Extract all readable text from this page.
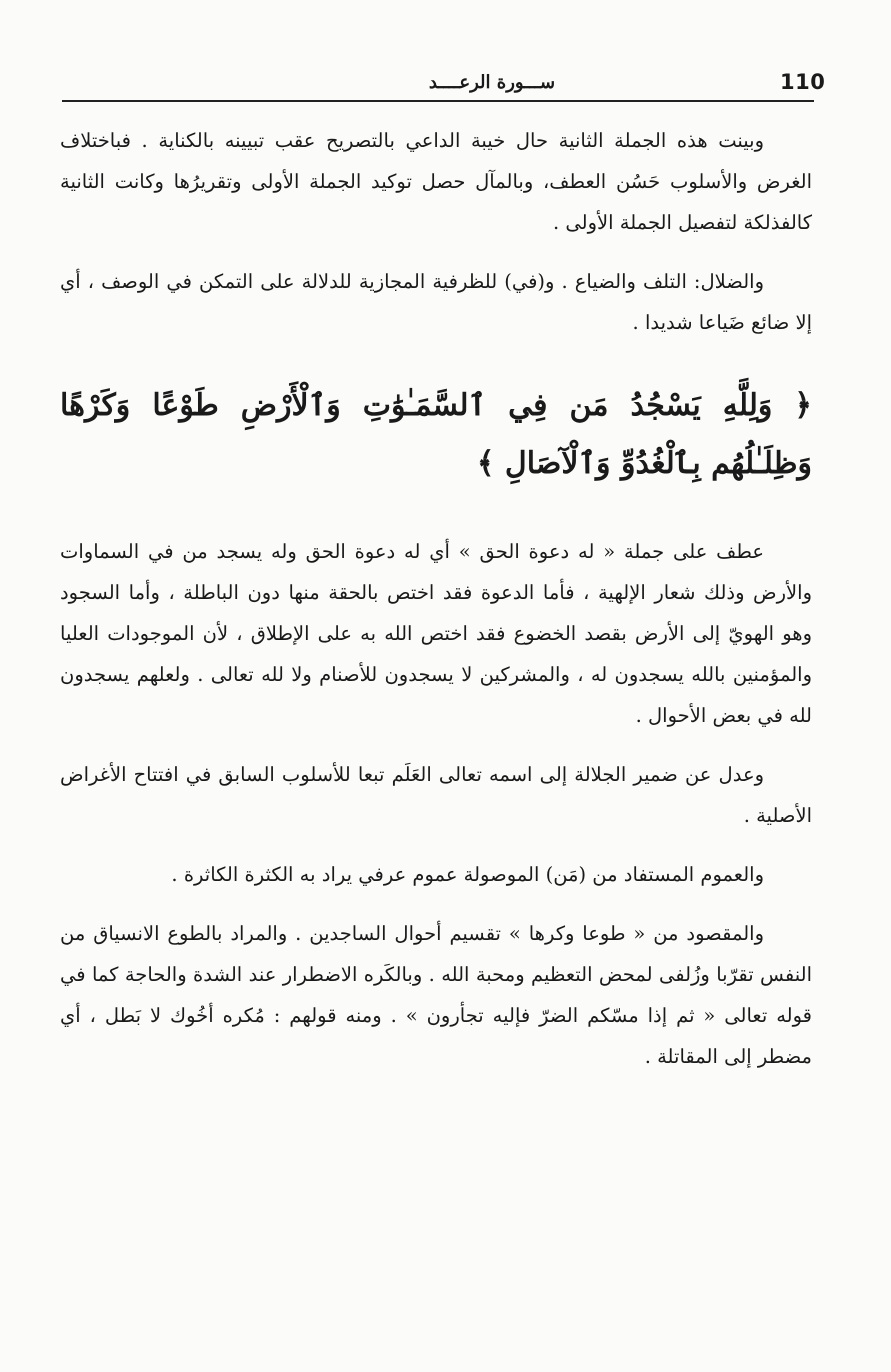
110
ســـورة الرعــــد

وبينت هذه الجملة الثانية حال خيبة الداعي بالتصريح عقب تبيينه بالكناية . فباختلاف الغرض والأسلوب حَسُن العطف، وبالمآل حصل توكيد الجملة الأولى وتقريرُها وكانت الثانية كالفذلكة لتفصيل الجملة الأولى .

والضلال: التلف والضياع . و(في) للظرفية المجازية للدلالة على التمكن في الوصف ، أي إلا ضائع ضَياعا شديدا .

﴿ وَلِلَّهِ يَسْجُدُ مَن فِي ٱلسَّمَـٰوَٰتِ وَٱلْأَرْضِ طَوْعًا وَكَرْهًا وَظِلَـٰلُهُم بِٱلْغُدُوِّ وَٱلْآصَالِ ﴾

عطف على جملة « له دعوة الحق » أي له دعوة الحق وله يسجد من في السماوات والأرض وذلك شعار الإلهية ، فأما الدعوة فقد اختص بالحقة منها دون الباطلة ، وأما السجود وهو الهويّ إلى الأرض بقصد الخضوع فقد اختص الله به على الإطلاق ، لأن الموجودات العليا والمؤمنين بالله يسجدون له ، والمشركين لا يسجدون للأصنام ولا لله تعالى . ولعلهم يسجدون لله في بعض الأحوال .

وعدل عن ضمير الجلالة إلى اسمه تعالى العَلَم تبعا للأسلوب السابق في افتتاح الأغراض الأصلية .

والعموم المستفاد من (مَن) الموصولة عموم عرفي يراد به الكثرة الكاثرة .

والمقصود من « طوعا وكرها » تقسيم أحوال الساجدين . والمراد بالطوع الانسياق من النفس تقرّبا وزُلفى لمحض التعظيم ومحبة الله . وبالكَره الاضطرار عند الشدة والحاجة كما في قوله تعالى « ثم إذا مسّكم الضرّ فإليه تجأرون » . ومنه قولهم : مُكره أخُوك لا بَطل ، أي مضطر إلى المقاتلة .
